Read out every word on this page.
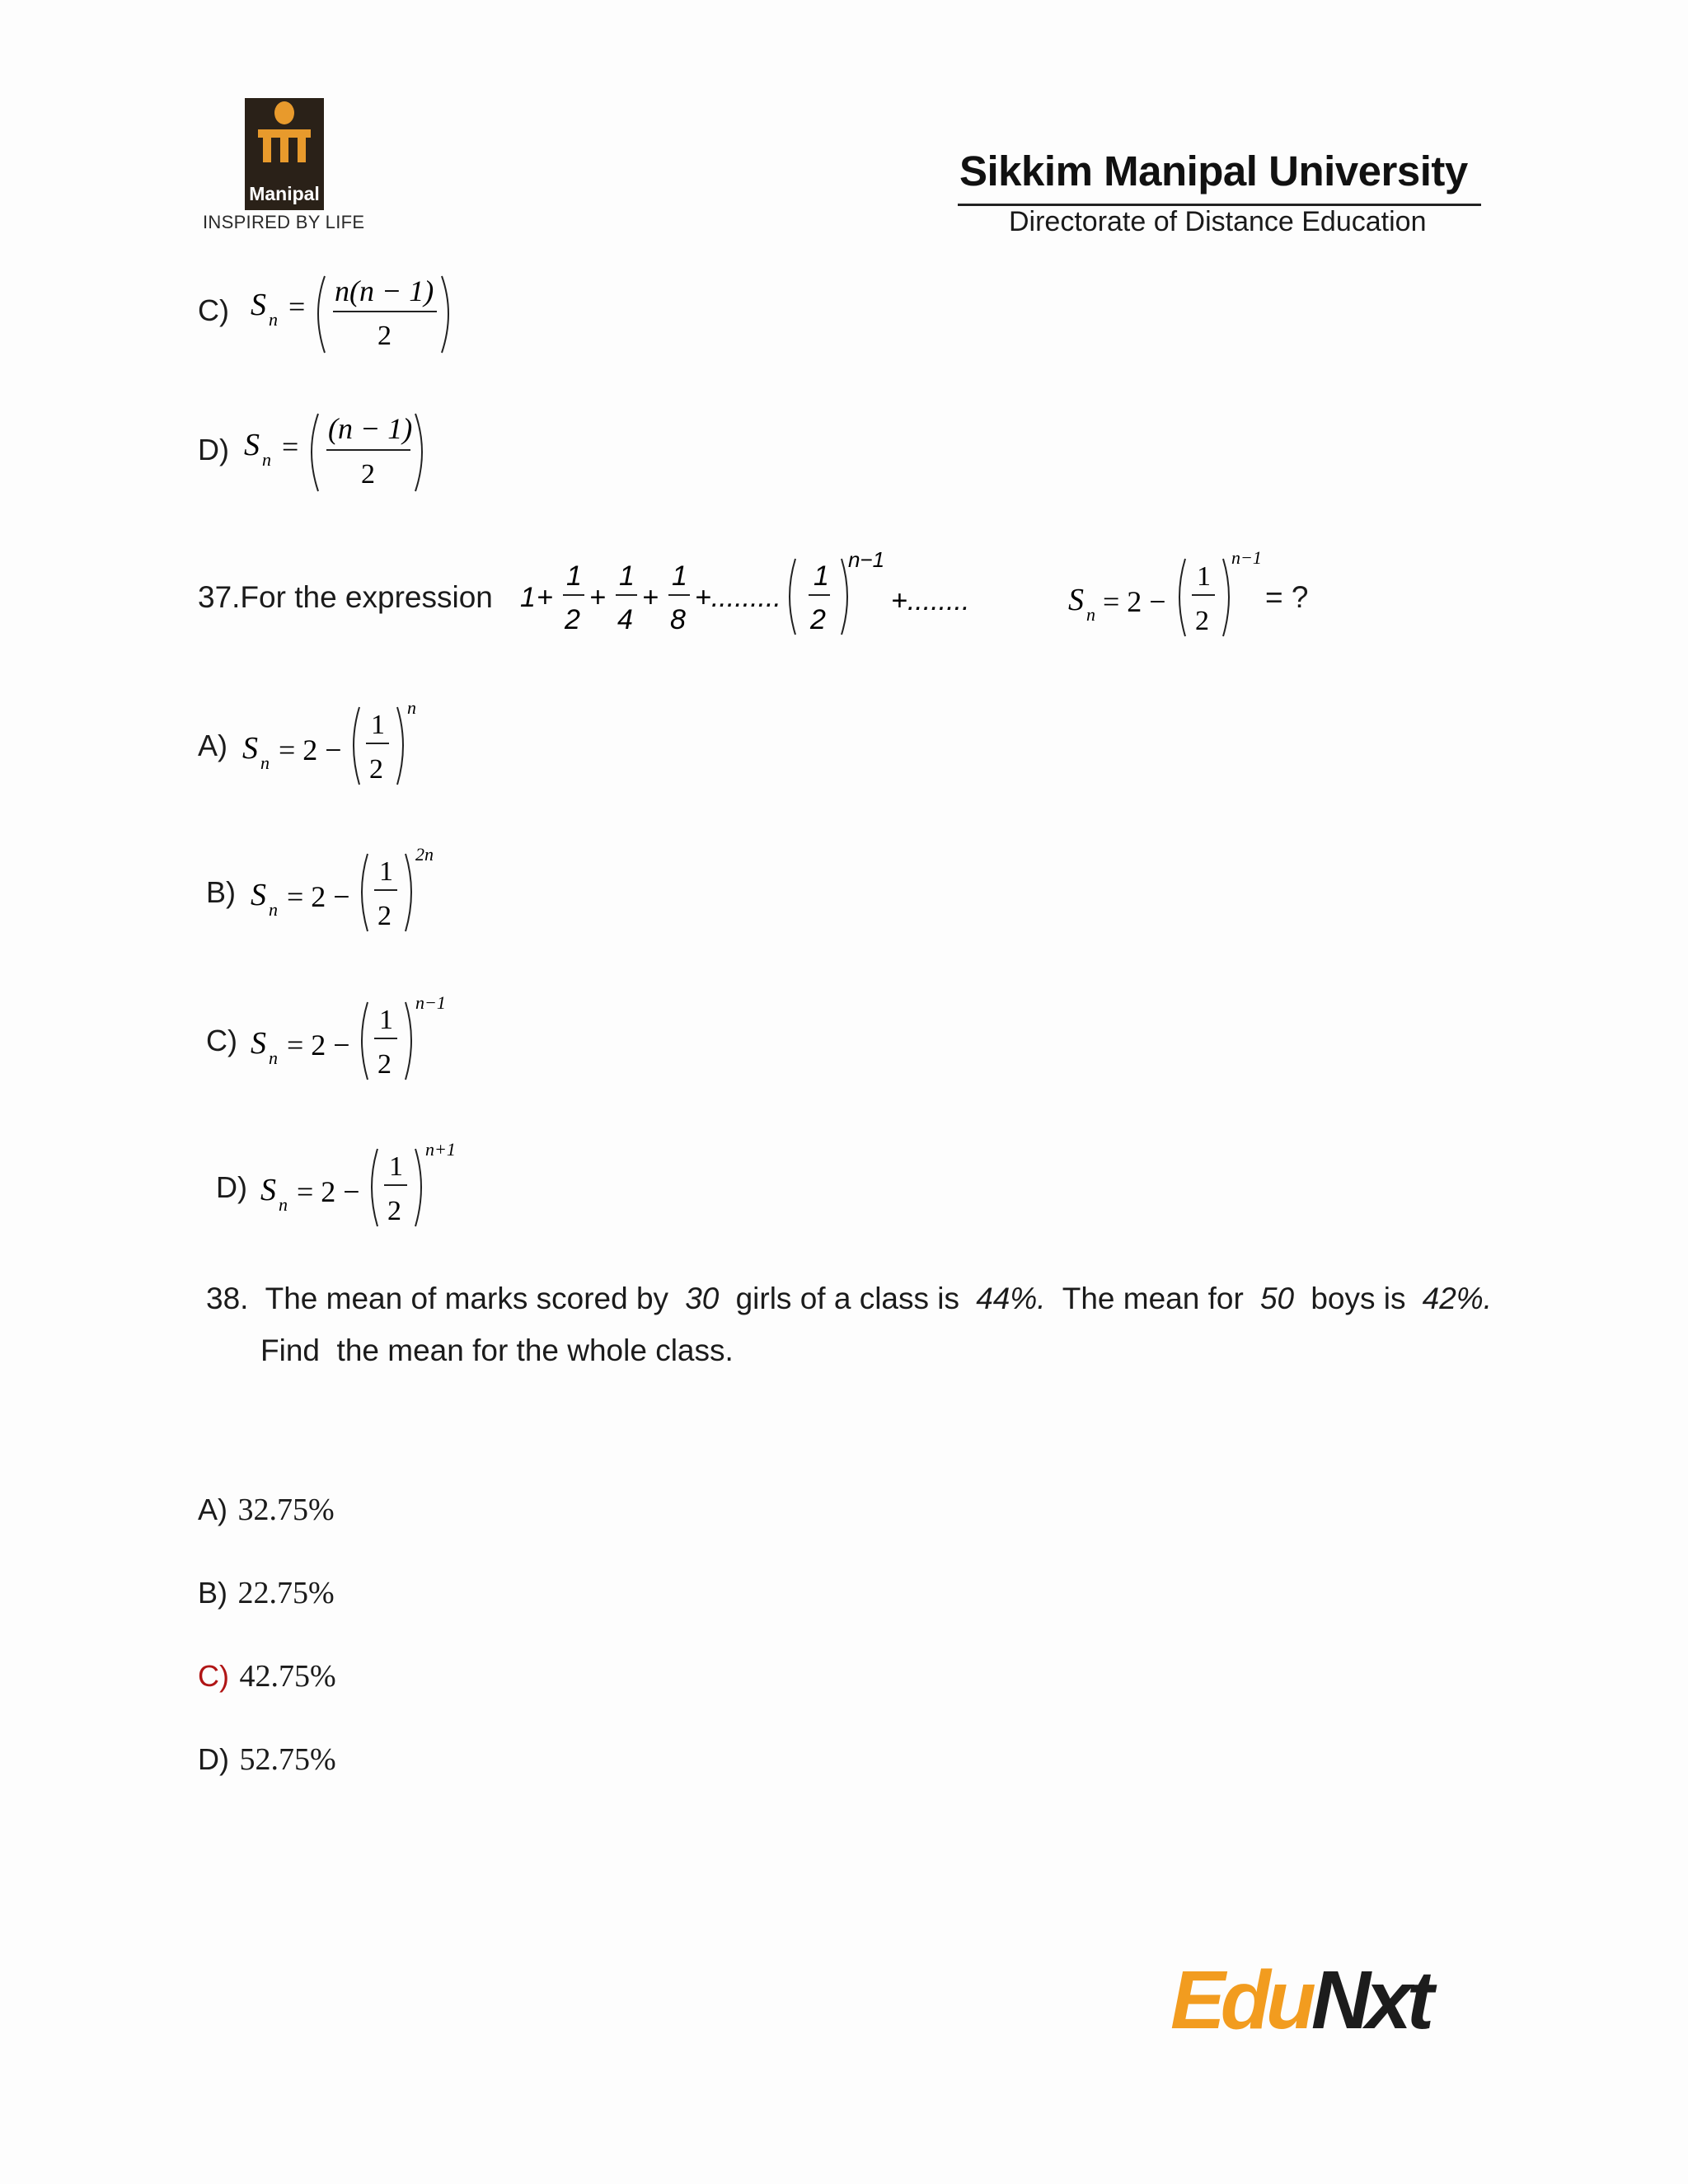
Manipal
INSPIRED BY LIFE
Sikkim Manipal University
Directorate of Distance Education
C) S n = n(n − 1)
2
D) S n =
(n − 1)
2
37.For the expression 1 +
1
2
+
1
4
+
1
8
+.........
1
2
n−1
+........	S n = 2 −
1
2
n−1
= ?
A) S n = 2 −
1
2
n
B) S n = 2 −
1
2
2n
C) S n = 2 −
1
2
n−1
D) S n = 2 −
1
2
n+1
38. The mean of marks scored by 30 girls of a class is 44%. The mean for 50 boys is 42%.
Find  the mean for the whole class.
A) 32.75%
B) 22.75%
C) 42.75%
D) 52.75%
EduNxt
